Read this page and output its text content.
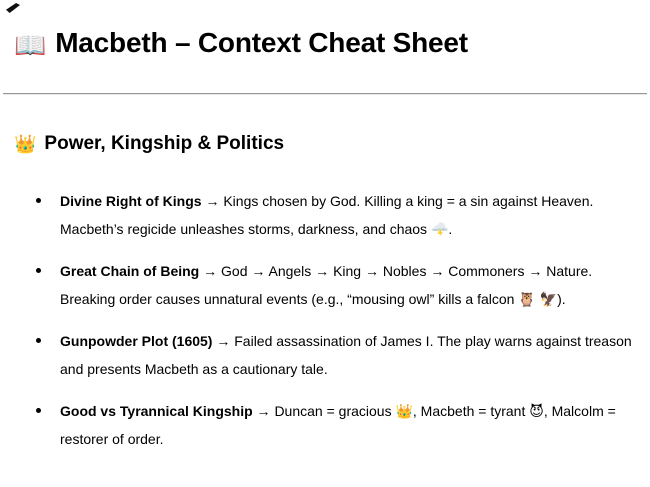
📖 Macbeth – Context Cheat Sheet
👑 Power, Kingship & Politics
Divine Right of Kings → Kings chosen by God. Killing a king = a sin against Heaven. Macbeth’s regicide unleashes storms, darkness, and chaos 🌩️.
Great Chain of Being → God → Angels → King → Nobles → Commoners → Nature. Breaking order causes unnatural events (e.g., “mousing owl” kills a falcon 🦉 🦅).
Gunpowder Plot (1605) → Failed assassination of James I. The play warns against treason and presents Macbeth as a cautionary tale.
Good vs Tyrannical Kingship → Duncan = gracious 👑, Macbeth = tyrant 😈, Malcolm = restorer of order.
